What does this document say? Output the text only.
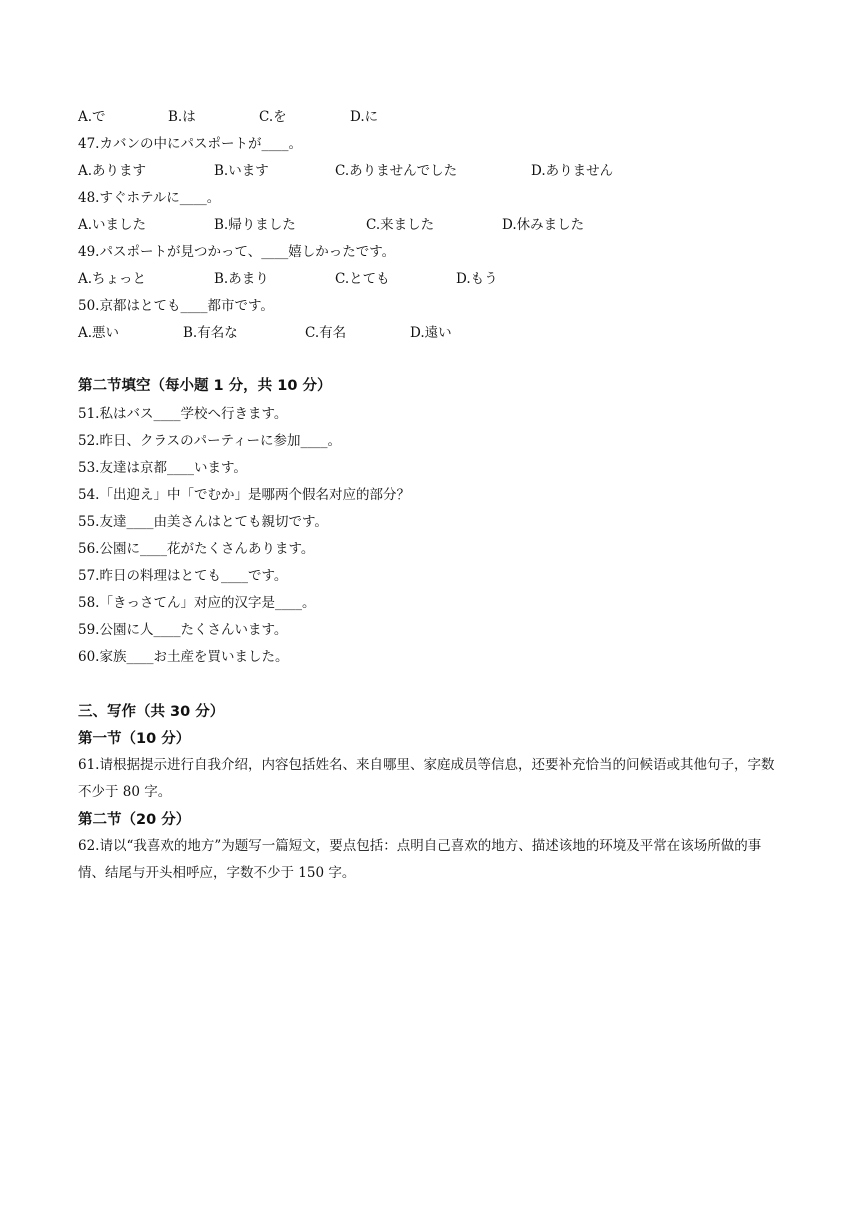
A.で	B.は	C.を	D.に
47.カバンの中にパスポートが____。
A.あります	B.います	C.ありませんでした	D.ありません
48.すぐホテルに____。
A.いました	B.帰りました	C.来ました	D.休みました
49.パスポートが見つかって、____嬉しかったです。
A.ちょっと	B.あまり	C.とても	D.もう
50.京都はとても____都市です。
A.悪い	B.有名な	C.有名	D.遠い
第二节填空（每小题 1 分，共 10 分）
51.私はバス____学校へ行きます。
52.昨日、クラスのパーティーに参加____。
53.友達は京都____います。
54.「出迎え」中「でむか」是哪两个假名对应的部分？
55.友達____由美さんはとても親切です。
56.公園に____花がたくさんあります。
57.昨日の料理はとても____です。
58.「きっさてん」对应的汉字是____。
59.公園に人____たくさんいます。
60.家族____お土産を買いました。
三、写作（共 30 分）
第一节（10 分）
61.请根据提示进行自我介绍，内容包括姓名、来自哪里、家庭成员等信息，还要补充恰当的问候语或其他句子，字数不少于 80 字。
第二节（20 分）
62.请以“我喜欢的地方”为题写一篇短文，要点包括：点明自己喜欢的地方、描述该地的环境及平常在该场所做的事情、结尾与开头相呼应，字数不少于 150 字。
